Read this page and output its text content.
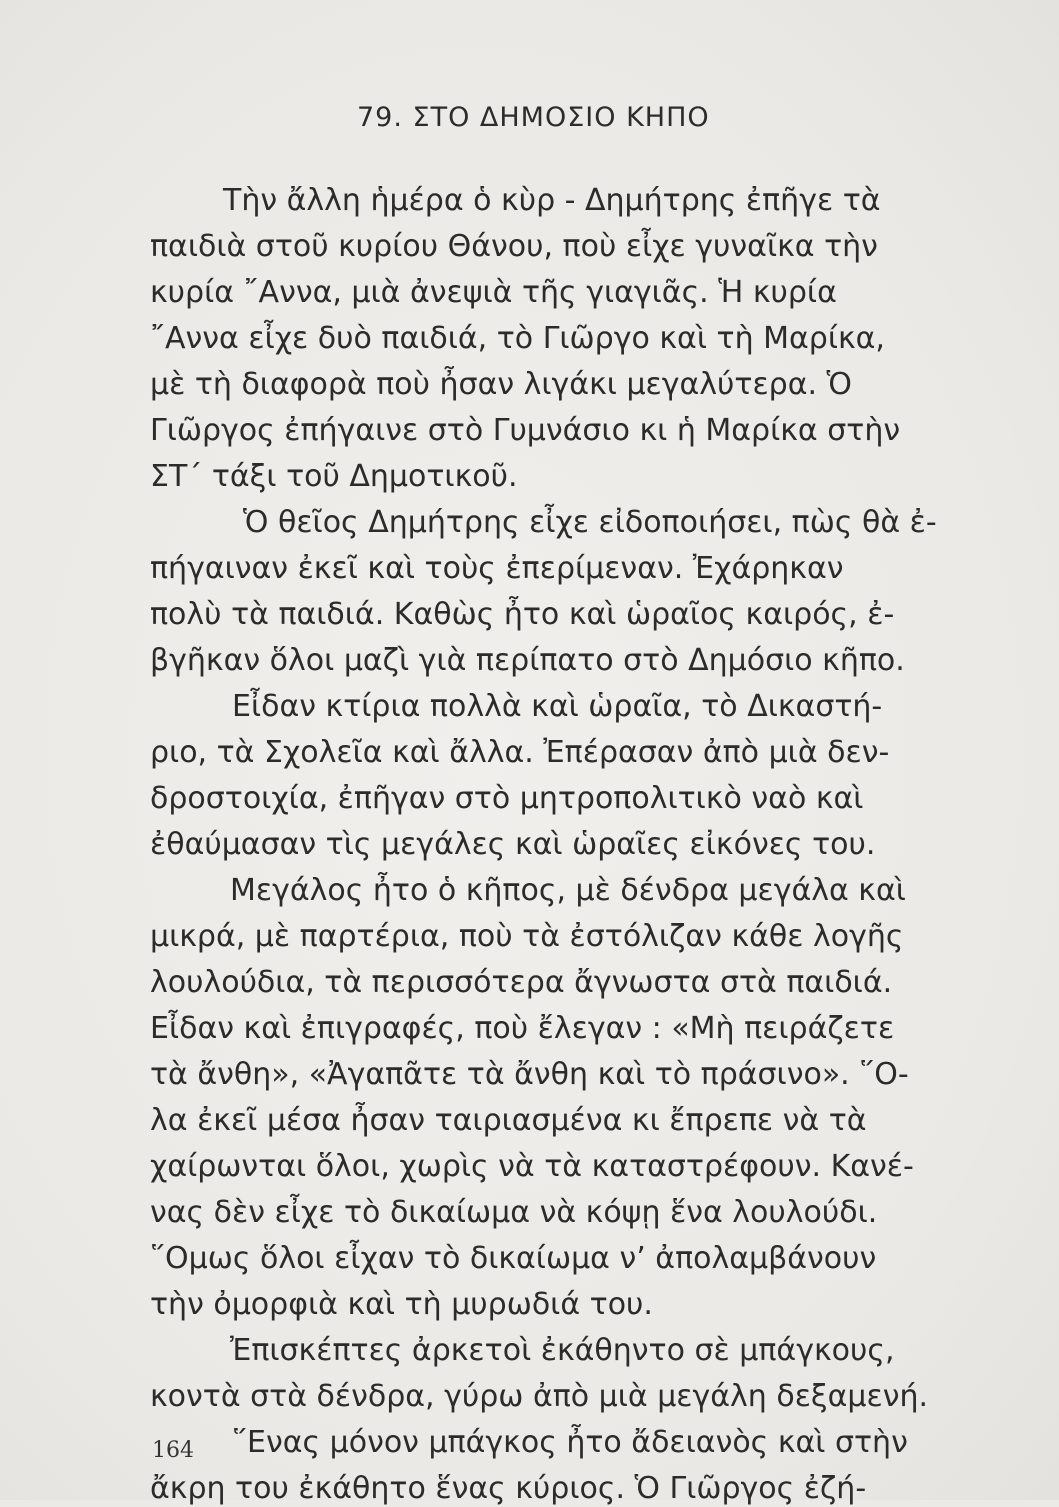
79. ΣΤΟ ΔΗΜΟΣΙΟ ΚΗΠΟ
Τὴν ἄλλη ἡμέρα ὁ κὺρ - Δημήτρης ἐπῆγε τὰ
παιδιὰ στοῦ κυρίου Θάνου, ποὺ εἶχε γυναῖκα τὴν
κυρία ῎Αννα, μιὰ ἀνεψιὰ τῆς γιαγιᾶς. Ἡ κυρία
῎Αννα εἶχε δυὸ παιδιά, τὸ Γιῶργο καὶ τὴ Μαρίκα,
μὲ τὴ διαφορὰ ποὺ ἦσαν λιγάκι μεγαλύτερα. Ὁ
Γιῶργος ἐπήγαινε στὸ Γυμνάσιο κι ἡ Μαρίκα στὴν
ΣΤ΄ τάξι τοῦ Δημοτικοῦ.
Ὁ θεῖος Δημήτρης εἶχε εἰδοποιήσει, πὼς θὰ ἐ-
πήγαιναν ἐκεῖ καὶ τοὺς ἐπερίμεναν. Ἐχάρηκαν
πολὺ τὰ παιδιά. Καθὼς ἦτο καὶ ὡραῖος καιρός, ἐ-
βγῆκαν ὅλοι μαζὶ γιὰ περίπατο στὸ Δημόσιο κῆπο.
Εἶδαν κτίρια πολλὰ καὶ ὡραῖα, τὸ Δικαστή-
ριο, τὰ Σχολεῖα καὶ ἄλλα. Ἐπέρασαν ἀπὸ μιὰ δεν-
δροστοιχία, ἐπῆγαν στὸ μητροπολιτικὸ ναὸ καὶ
ἐθαύμασαν τὶς μεγάλες καὶ ὡραῖες εἰκόνες του.
Μεγάλος ἦτο ὁ κῆπος, μὲ δένδρα μεγάλα καὶ
μικρά, μὲ παρτέρια, ποὺ τὰ ἐστόλιζαν κάθε λογῆς
λουλούδια, τὰ περισσότερα ἄγνωστα στὰ παιδιά.
Εἶδαν καὶ ἐπιγραφές, ποὺ ἔλεγαν : «Μὴ πειράζετε
τὰ ἄνθη», «Ἀγαπᾶτε τὰ ἄνθη καὶ τὸ πράσινο». ῞Ο-
λα ἐκεῖ μέσα ἦσαν ταιριασμένα κι ἔπρεπε νὰ τὰ
χαίρωνται ὅλοι, χωρὶς νὰ τὰ καταστρέφουν. Κανέ-
νας δὲν εἶχε τὸ δικαίωμα νὰ κόψῃ ἕνα λουλούδι.
῞Ομως ὅλοι εἶχαν τὸ δικαίωμα ν’ ἀπολαμβάνουν
τὴν ὀμορφιὰ καὶ τὴ μυρωδιά του.
Ἐπισκέπτες ἀρκετοὶ ἐκάθηντο σὲ μπάγκους,
κοντὰ στὰ δένδρα, γύρω ἀπὸ μιὰ μεγάλη δεξαμενή.
῞Ενας μόνον μπάγκος ἦτο ἄδειανὸς καὶ στὴν
ἄκρη του ἐκάθητο ἕνας κύριος. Ὁ Γιῶργος ἐζή-
164
